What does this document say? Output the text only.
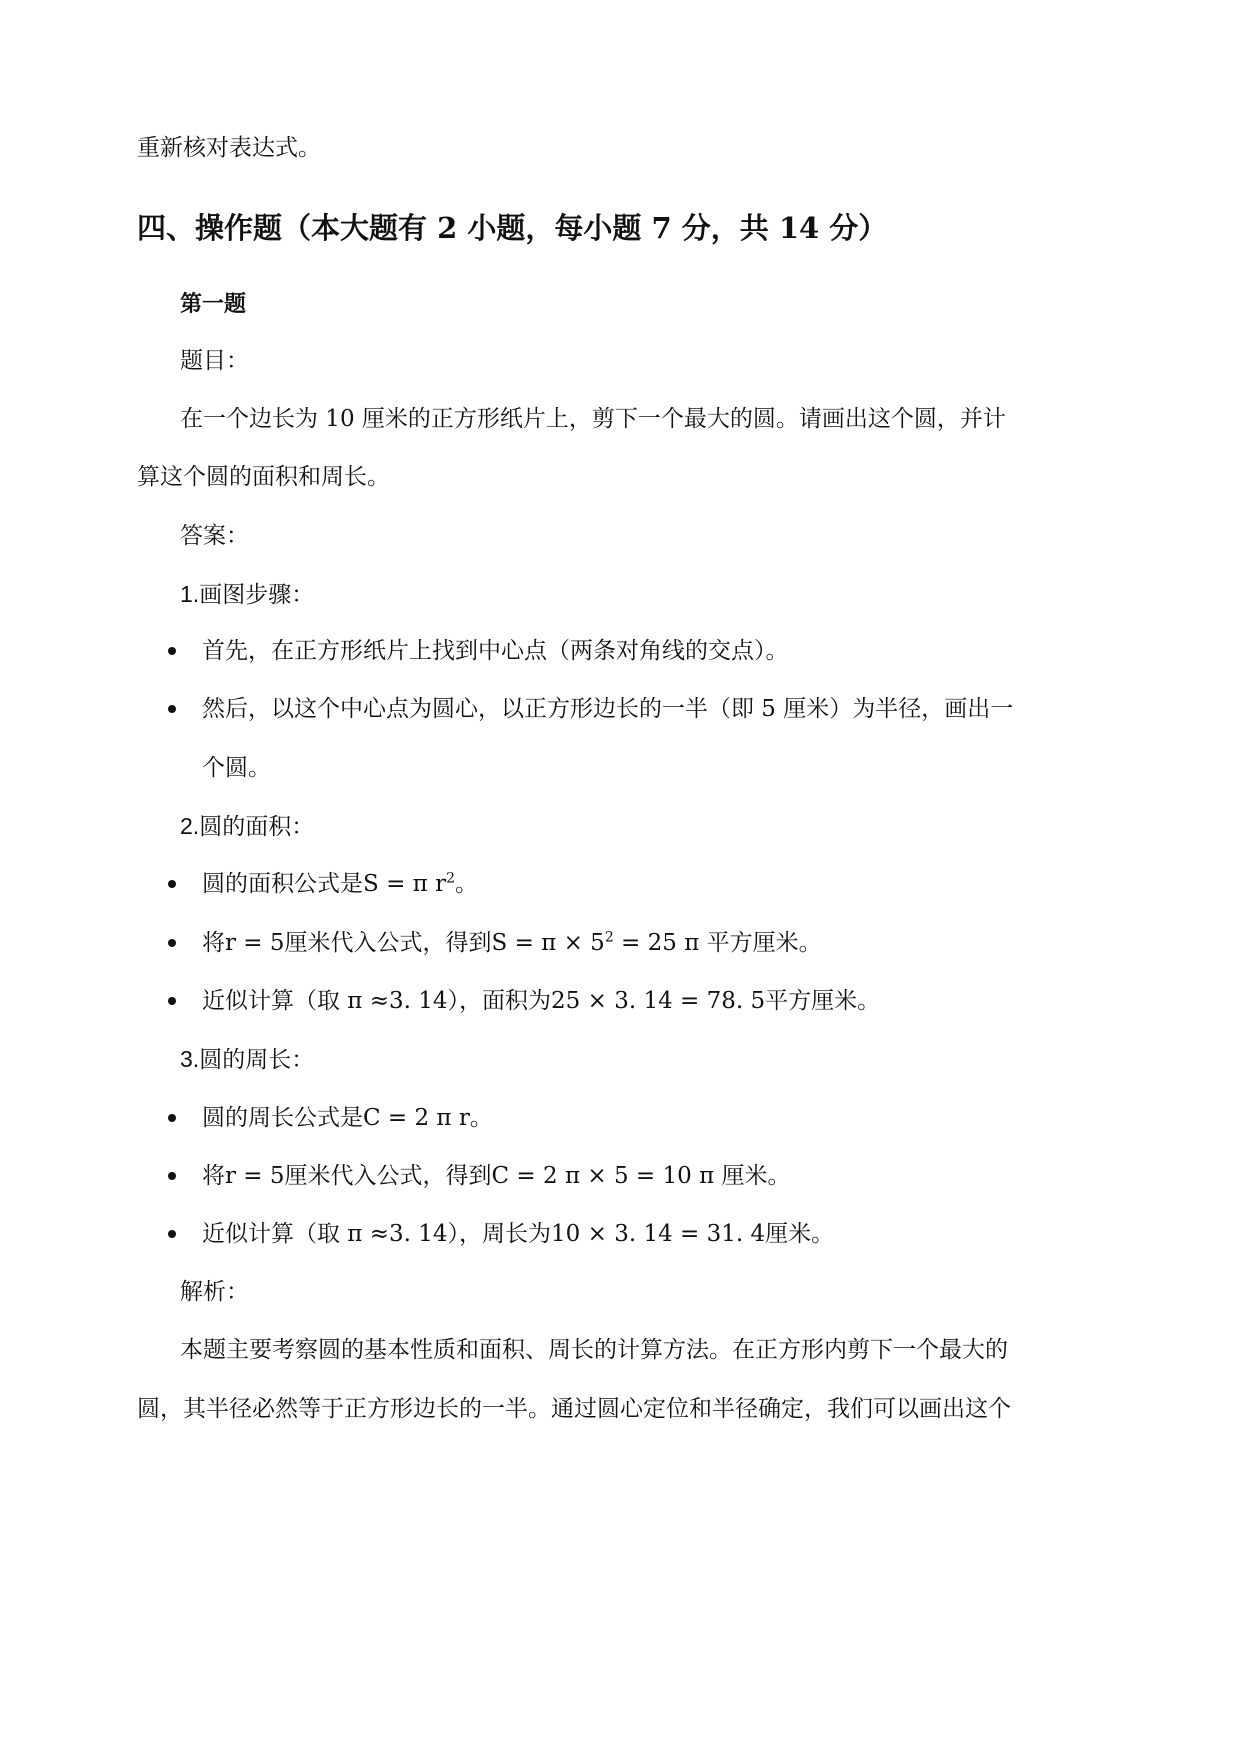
重新核对表达式。
四、操作题（本大题有 2 小题，每小题 7 分，共 14 分）
第一题
题目：
在一个边长为 10 厘米的正方形纸片上，剪下一个最大的圆。请画出这个圆，并计
算这个圆的面积和周长。
答案：
1.画图步骤：
首先，在正方形纸片上找到中心点（两条对角线的交点）。
然后，以这个中心点为圆心，以正方形边长的一半（即 5 厘米）为半径，画出一
个圆。
2.圆的面积：
圆的面积公式是S = π $r^2$。
将r = 5厘米代入公式，得到$S = \pi \times 5^2 = 25$ π 平方厘米。
近似计算（取 π ≈3. 14），面积为25 × 3. 14 = 78. 5平方厘米。
3.圆的周长：
圆的周长公式是C = 2 π r。
将r = 5厘米代入公式，得到C = 2 π × 5 = 10 π 厘米。
近似计算（取 π ≈3. 14），周长为10 × 3. 14 = 31. 4厘米。
解析：
本题主要考察圆的基本性质和面积、周长的计算方法。在正方形内剪下一个最大的
圆，其半径必然等于正方形边长的一半。通过圆心定位和半径确定，我们可以画出这个
